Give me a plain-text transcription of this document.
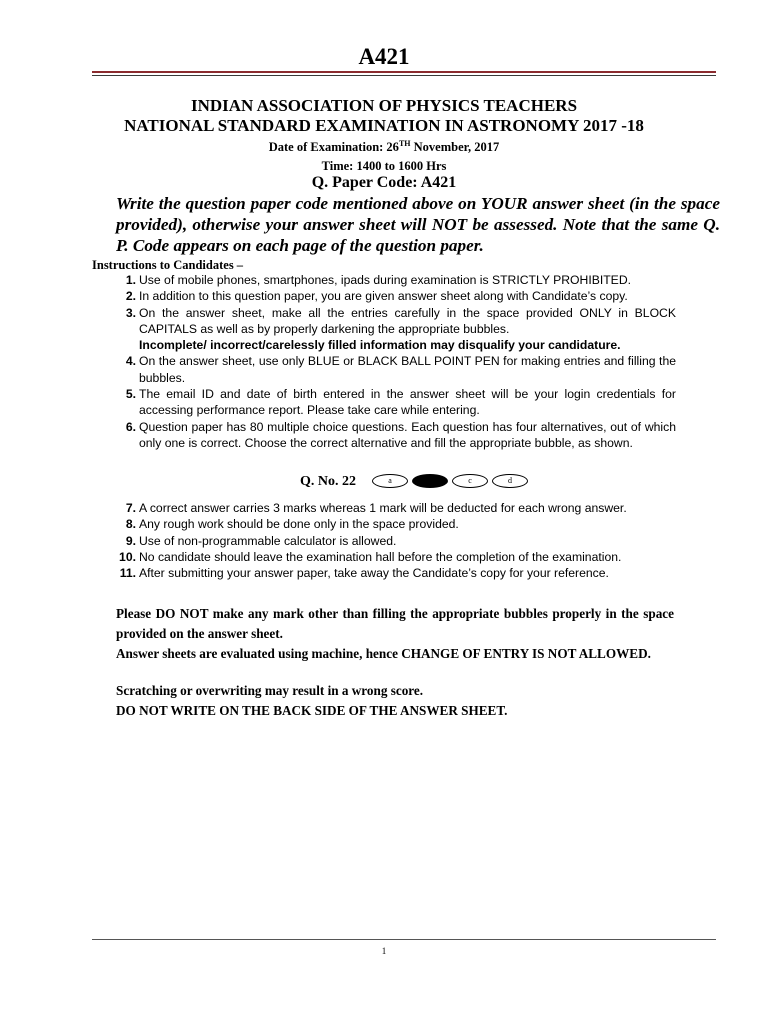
A421
INDIAN ASSOCIATION OF PHYSICS TEACHERS
NATIONAL STANDARD EXAMINATION IN ASTRONOMY 2017 -18
Date of Examination: 26TH November, 2017
Time: 1400 to 1600 Hrs
Q. Paper Code: A421
Write the question paper code mentioned above on YOUR answer sheet (in the space provided), otherwise your answer sheet will NOT be assessed. Note that the same Q. P. Code appears on each page of the question paper.
Instructions to Candidates –
1. Use of mobile phones, smartphones, ipads during examination is STRICTLY PROHIBITED.
2. In addition to this question paper, you are given answer sheet along with Candidate’s copy.
3. On the answer sheet, make all the entries carefully in the space provided ONLY in BLOCK CAPITALS as well as by properly darkening the appropriate bubbles.
Incomplete/ incorrect/carelessly filled information may disqualify your candidature.
4. On the answer sheet, use only BLUE or BLACK BALL POINT PEN for making entries and filling the bubbles.
5. The email ID and date of birth entered in the answer sheet will be your login credentials for accessing performance report. Please take care while entering.
6. Question paper has 80 multiple choice questions. Each question has four alternatives, out of which only one is correct. Choose the correct alternative and fill the appropriate bubble, as shown.
Q. No. 22	a	b	c	d
7. A correct answer carries 3 marks whereas 1 mark will be deducted for each wrong answer.
8. Any rough work should be done only in the space provided.
9. Use of non-programmable calculator is allowed.
10. No candidate should leave the examination hall before the completion of the examination.
11. After submitting your answer paper, take away the Candidate’s copy for your reference.
Please DO NOT make any mark other than filling the appropriate bubbles properly in the space provided on the answer sheet.
Answer sheets are evaluated using machine, hence CHANGE OF ENTRY IS NOT ALLOWED.
Scratching or overwriting may result in a wrong score.
DO NOT WRITE ON THE BACK SIDE OF THE ANSWER SHEET.
1
